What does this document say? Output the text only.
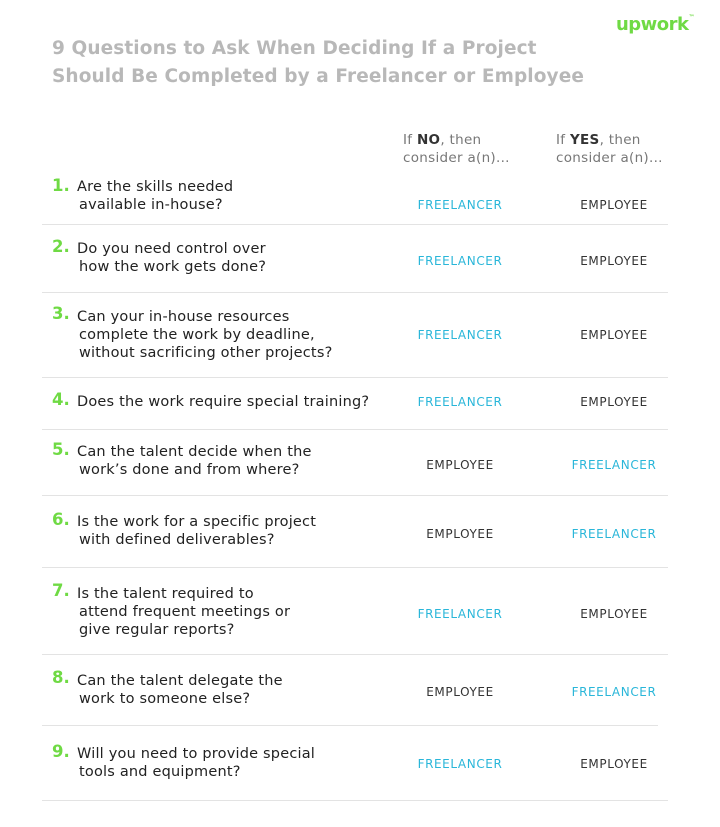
upwork™
9 Questions to Ask When Deciding If a Project
Should Be Completed by a Freelancer or Employee
If NO, then
consider a(n)...
If YES, then
consider a(n)...
1. Are the skills needed
available in-house?	FREELANCER	EMPLOYEE
2. Do you need control over
how the work gets done?	FREELANCER	EMPLOYEE
3. Can your in-house resources
complete the work by deadline,
without sacrificing other projects?
FREELANCER	EMPLOYEE
4. Does the work require special training?	FREELANCER	EMPLOYEE
5. Can the talent decide when the
work’s done and from where?	EMPLOYEE	FREELANCER
6. Is the work for a specific project
with defined deliverables?	EMPLOYEE	FREELANCER
7. Is the talent required to
attend frequent meetings or
give regular reports?
FREELANCER	EMPLOYEE
8. Can the talent delegate the
work to someone else?	EMPLOYEE	FREELANCER
9. Will you need to provide special
tools and equipment?	FREELANCER	EMPLOYEE
